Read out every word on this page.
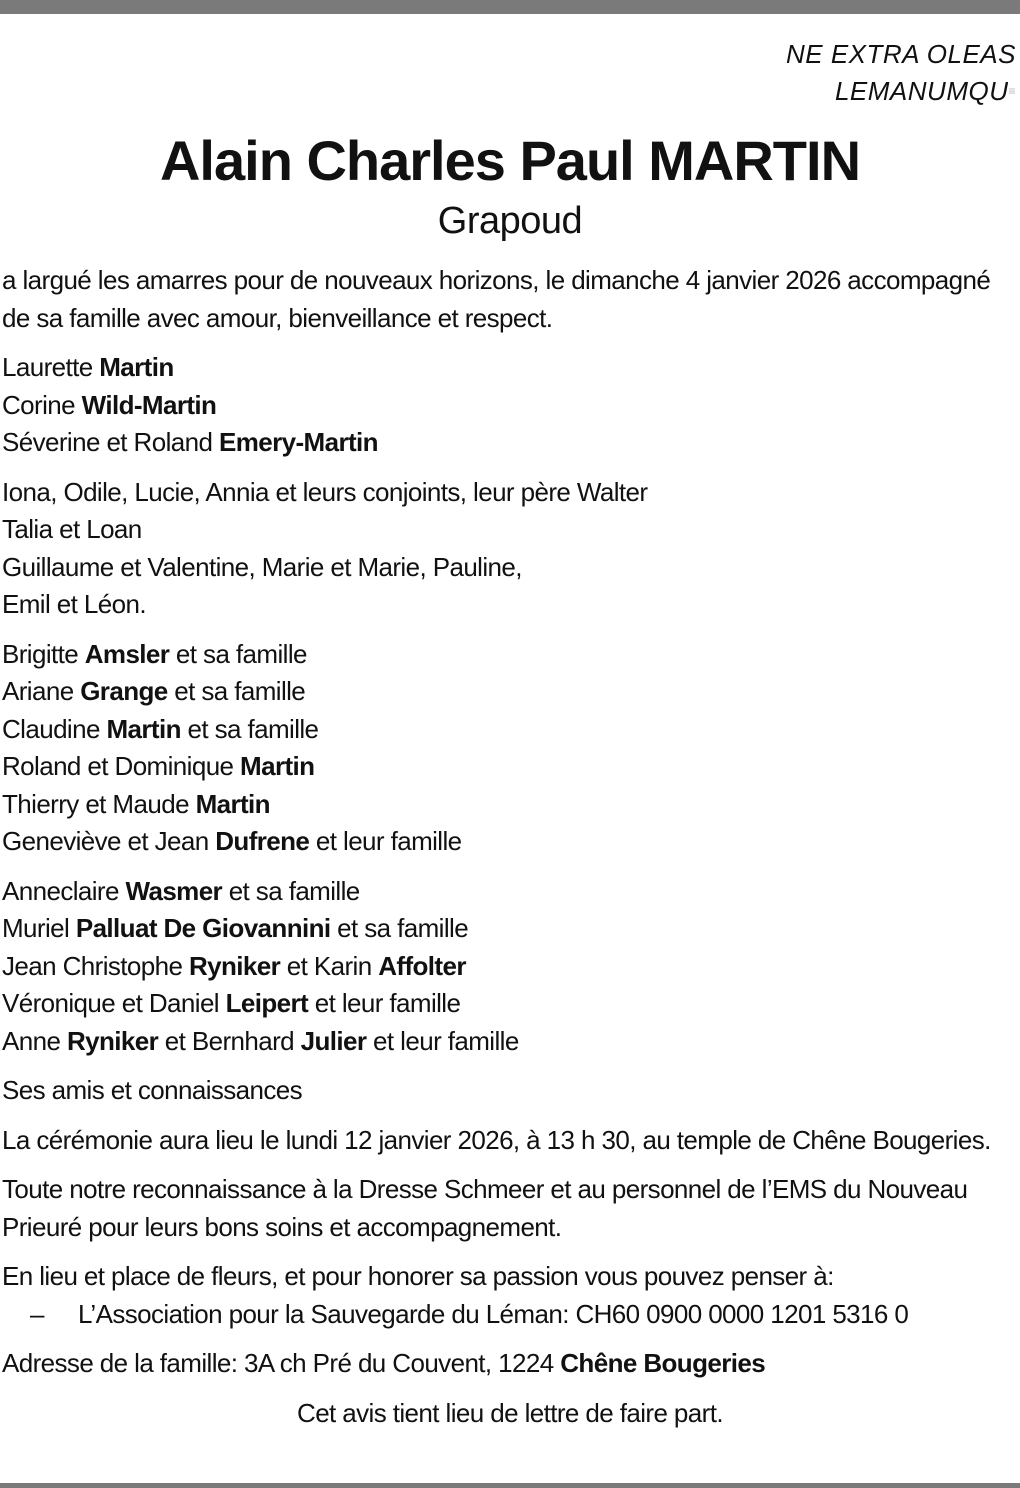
NE EXTRA OLEAS
LEMANUMQU≡
Alain Charles Paul MARTIN
Grapoud

a largué les amarres pour de nouveaux horizons, le dimanche 4 janvier 2026 accompagné de sa famille avec amour, bienveillance et respect.

Laurette Martin
Corine Wild-Martin
Séverine et Roland Emery-Martin
Iona, Odile, Lucie, Annia et leurs conjoints, leur père Walter
Talia et Loan
Guillaume et Valentine, Marie et Marie, Pauline,
Emil et Léon.
Brigitte Amsler et sa famille
Ariane Grange et sa famille
Claudine Martin et sa famille
Roland et Dominique Martin
Thierry et Maude Martin
Geneviève et Jean Dufrene et leur famille
Anneclaire Wasmer et sa famille
Muriel Palluat De Giovannini et sa famille
Jean Christophe Ryniker et Karin Affolter
Véronique et Daniel Leipert et leur famille
Anne Ryniker et Bernhard Julier et leur famille

Ses amis et connaissances

La cérémonie aura lieu le lundi 12 janvier 2026, à 13 h 30, au temple de Chêne Bougeries.

Toute notre reconnaissance à la Dresse Schmeer et au personnel de l’EMS du Nouveau Prieuré pour leurs bons soins et accompagnement.

En lieu et place de fleurs, et pour honorer sa passion vous pouvez penser à:
– L’Association pour la Sauvegarde du Léman: CH60 0900 0000 1201 5316 0
Adresse de la famille: 3A ch Pré du Couvent, 1224 Chêne Bougeries
Cet avis tient lieu de lettre de faire part.
